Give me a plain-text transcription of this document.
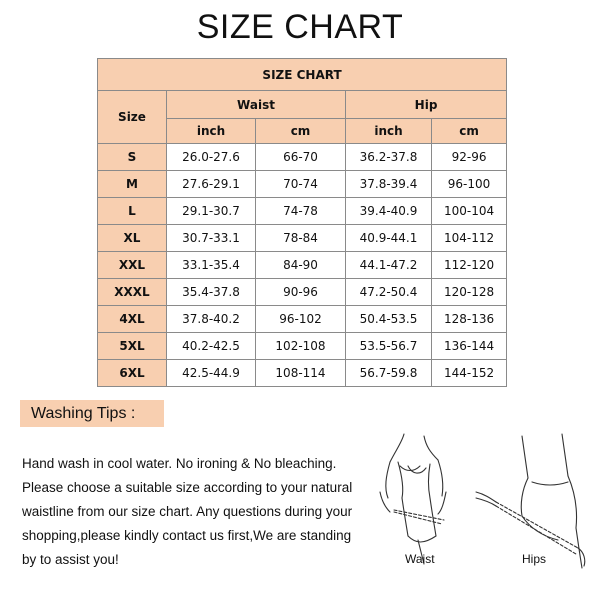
SIZE CHART
SIZE CHART				
Size	Waist		Hip	
	inch	cm	inch	cm
S	26.0-27.6	66-70	36.2-37.8	92-96
M	27.6-29.1	70-74	37.8-39.4	96-100
L	29.1-30.7	74-78	39.4-40.9	100-104
XL	30.7-33.1	78-84	40.9-44.1	104-112
XXL	33.1-35.4	84-90	44.1-47.2	112-120
XXXL	35.4-37.8	90-96	47.2-50.4	120-128
4XL	37.8-40.2	96-102	50.4-53.5	128-136
5XL	40.2-42.5	102-108	53.5-56.7	136-144
6XL	42.5-44.9	108-114	56.7-59.8	144-152
Washing Tips :
Hand wash in cool water. No ironing & No bleaching. Please choose a suitable size according to your natural waistline from our size chart. Any questions during your shopping,please kindly contact us first,We are standing by to assist you!	Waist	Hips
